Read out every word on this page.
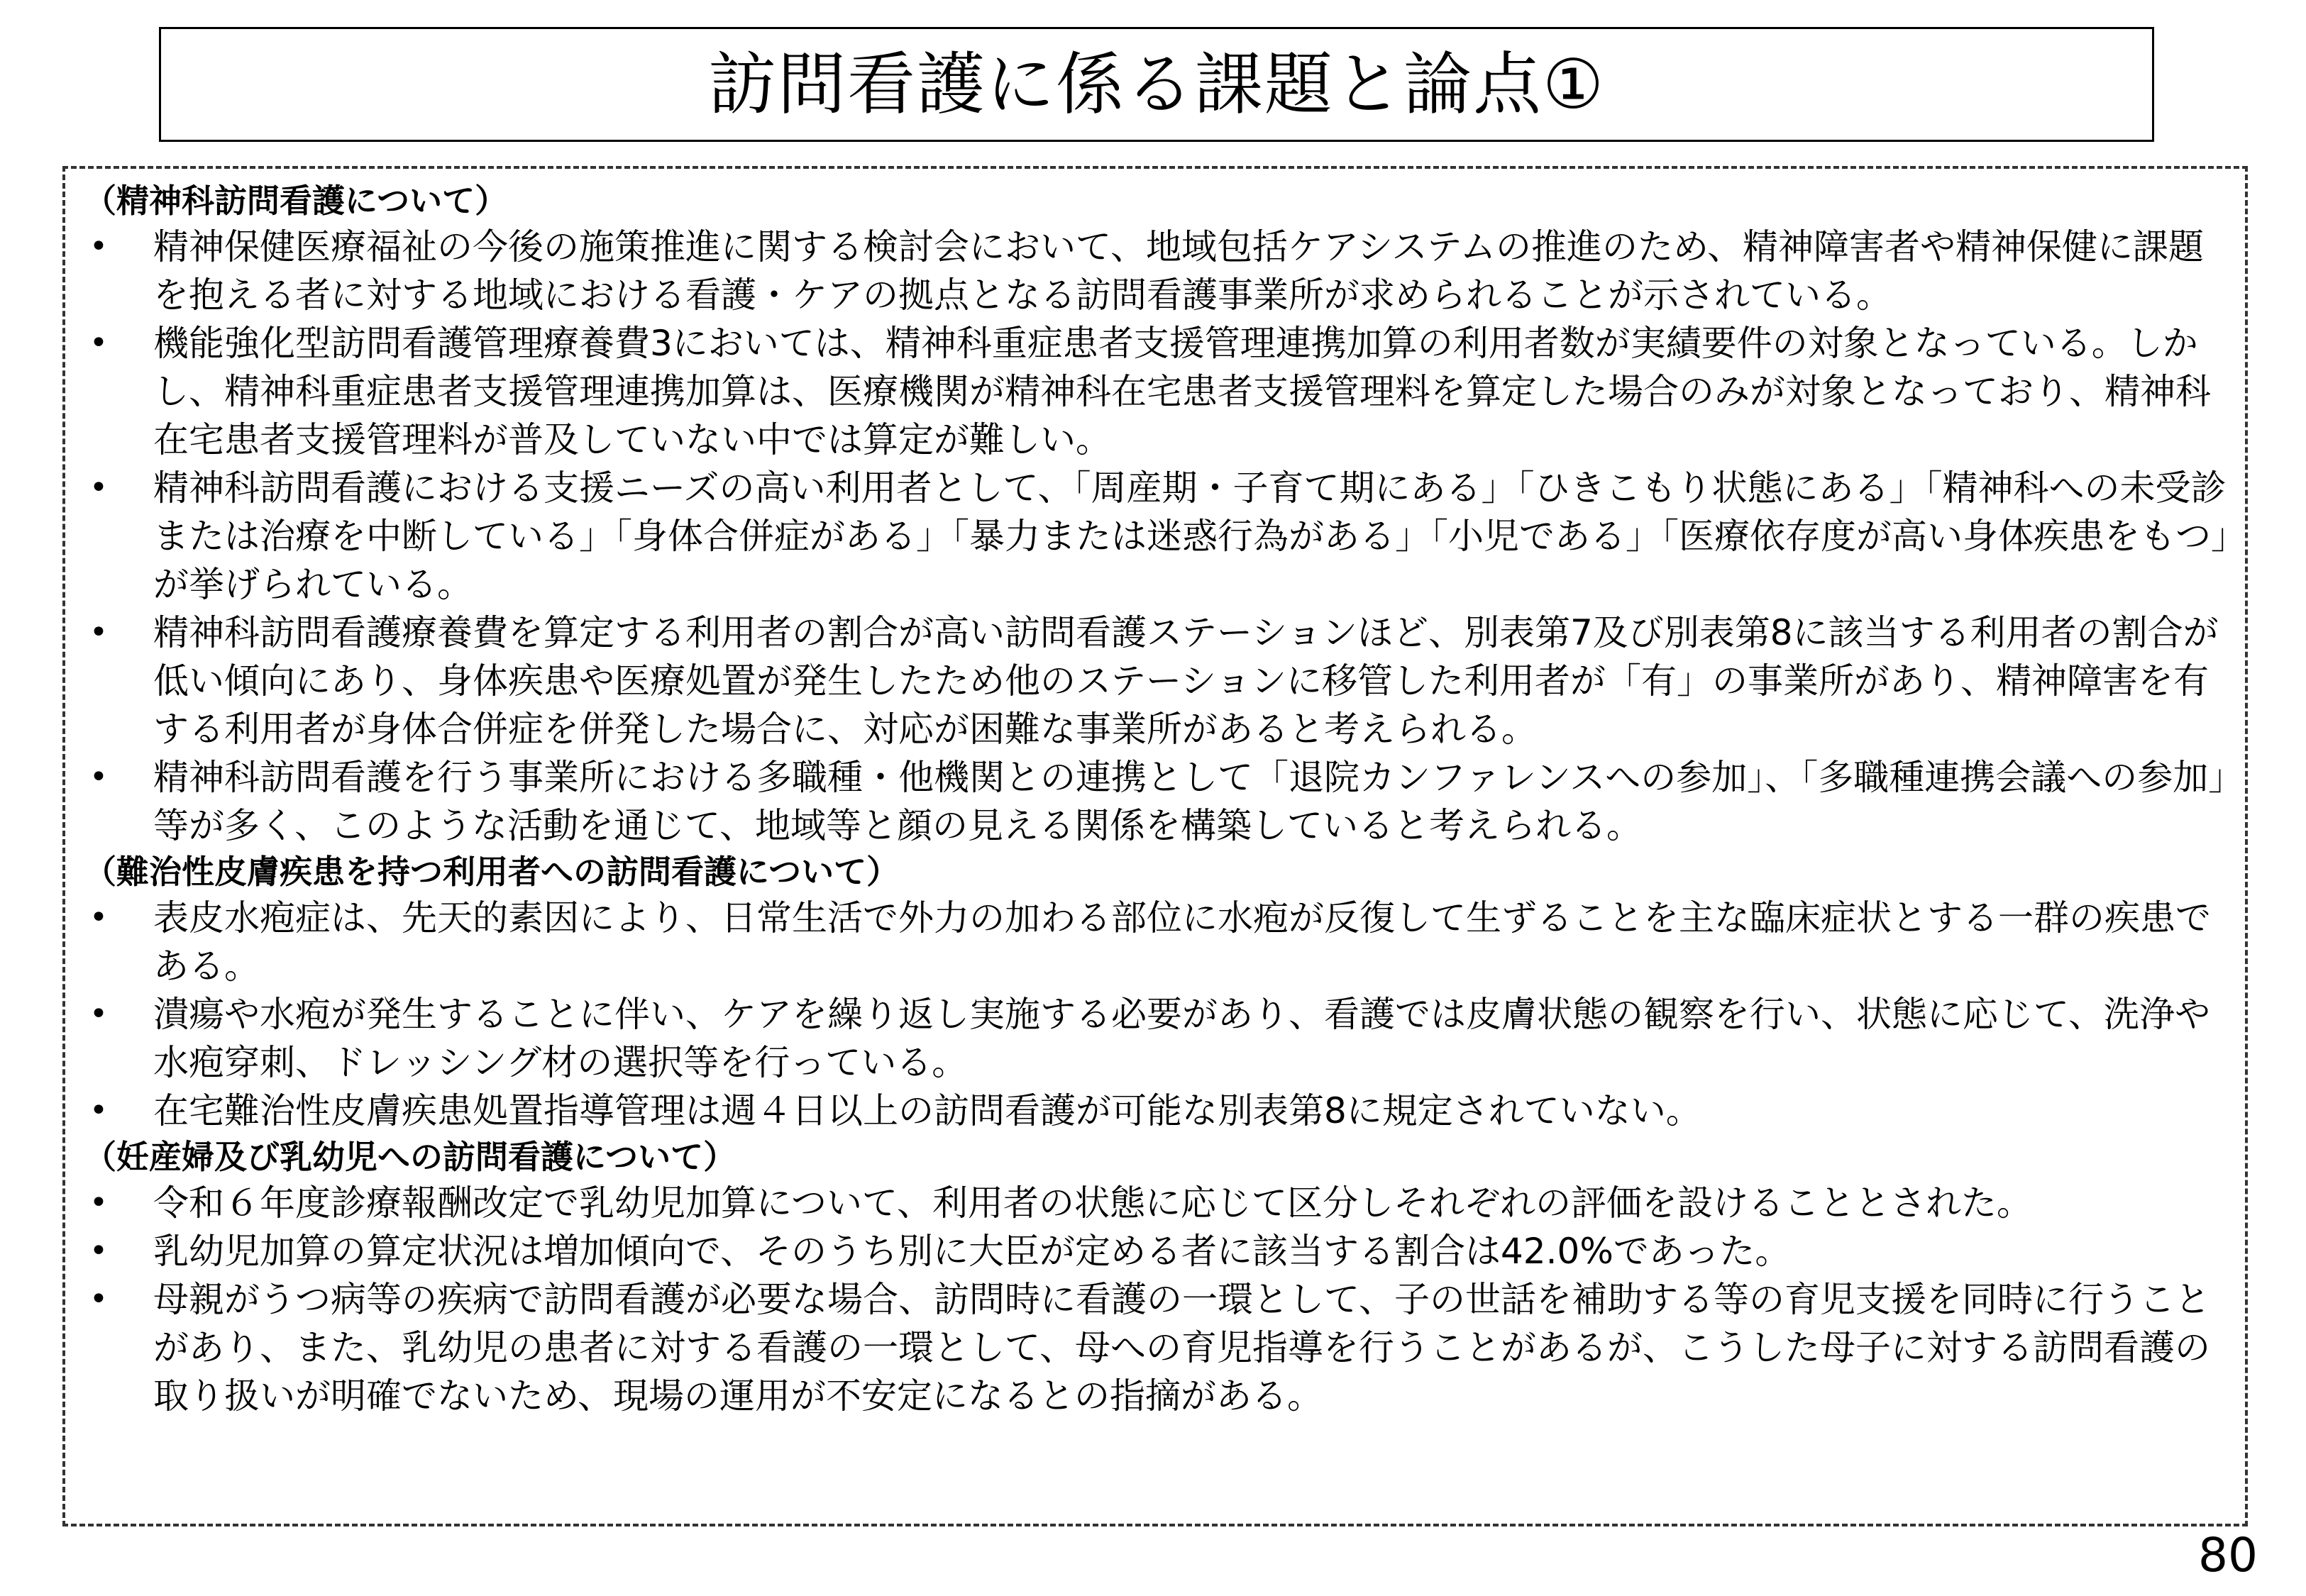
訪問看護に係る課題と論点①
（精神科訪問看護について）
• 精神保健医療福祉の今後の施策推進に関する検討会において、地域包括ケアシステムの推進のため、精神障害者や精神保健に課題を抱える者に対する地域における看護・ケアの拠点となる訪問看護事業所が求められることが示されている。
• 機能強化型訪問看護管理療養費3においては、精神科重症患者支援管理連携加算の利用者数が実績要件の対象となっている。しかし、精神科重症患者支援管理連携加算は、医療機関が精神科在宅患者支援管理料を算定した場合のみが対象となっており、精神科在宅患者支援管理料が普及していない中では算定が難しい。
• 精神科訪問看護における支援ニーズの高い利用者として、「周産期・子育て期にある」「ひきこもり状態にある」「精神科への未受診または治療を中断している」「身体合併症がある」「暴力または迷惑行為がある」「小児である」「医療依存度が高い身体疾患をもつ」が挙げられている。
• 精神科訪問看護療養費を算定する利用者の割合が高い訪問看護ステーションほど、別表第7及び別表第8に該当する利用者の割合が低い傾向にあり、身体疾患や医療処置が発生したため他のステーションに移管した利用者が「有」の事業所があり、精神障害を有する利用者が身体合併症を併発した場合に、対応が困難な事業所があると考えられる。
• 精神科訪問看護を行う事業所における多職種・他機関との連携として「退院カンファレンスへの参加」、「多職種連携会議への参加」等が多く、このような活動を通じて、地域等と顔の見える関係を構築していると考えられる。
（難治性皮膚疾患を持つ利用者への訪問看護について）
• 表皮水疱症は、先天的素因により、日常生活で外力の加わる部位に水疱が反復して生ずることを主な臨床症状とする一群の疾患である。
• 潰瘍や水疱が発生することに伴い、ケアを繰り返し実施する必要があり、看護では皮膚状態の観察を行い、状態に応じて、洗浄や水疱穿刺、ドレッシング材の選択等を行っている。
• 在宅難治性皮膚疾患処置指導管理は週４日以上の訪問看護が可能な別表第8に規定されていない。
（妊産婦及び乳幼児への訪問看護について）
• 令和６年度診療報酬改定で乳幼児加算について、利用者の状態に応じて区分しそれぞれの評価を設けることとされた。
• 乳幼児加算の算定状況は増加傾向で、そのうち別に大臣が定める者に該当する割合は42.0%であった。
• 母親がうつ病等の疾病で訪問看護が必要な場合、訪問時に看護の一環として、子の世話を補助する等の育児支援を同時に行うことがあり、また、乳幼児の患者に対する看護の一環として、母への育児指導を行うことがあるが、こうした母子に対する訪問看護の取り扱いが明確でないため、現場の運用が不安定になるとの指摘がある。
80
